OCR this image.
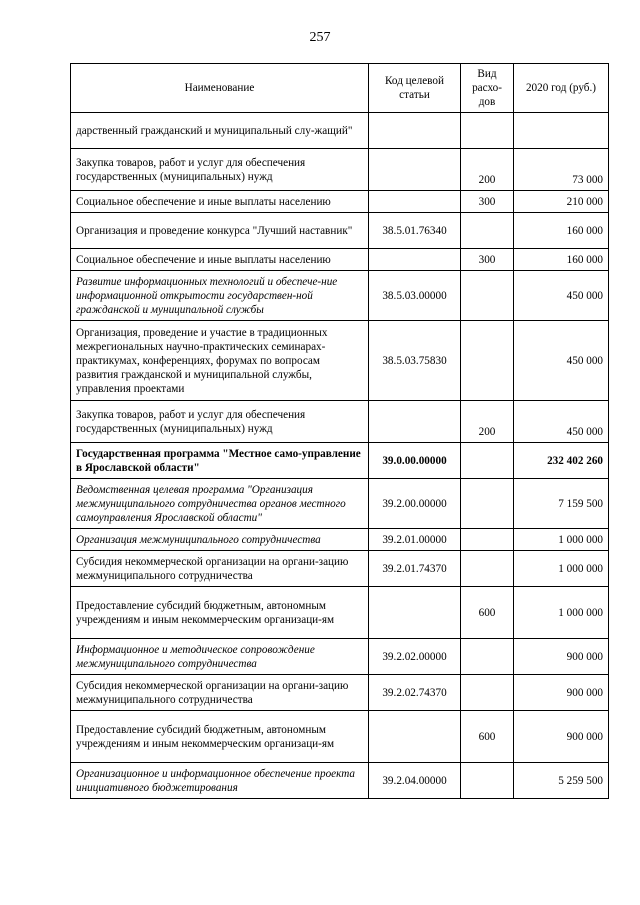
257
Наименование	Код целевой статьи	Вид расхо-дов	2020 год (руб.)
дарственный гражданский и муниципальный слу-жащий"			
Закупка товаров, работ и услуг для обеспечения государственных (муниципальных) нужд		200	73 000
Социальное обеспечение и иные выплаты населению		300	210 000
Организация и проведение конкурса "Лучший наставник"	38.5.01.76340		160 000
Социальное обеспечение и иные выплаты населению		300	160 000
Развитие информационных технологий и обеспече-ние информационной открытости государствен-ной гражданской и муниципальной службы	38.5.03.00000		450 000
Организация, проведение и участие в традиционных межрегиональных научно-практических семинарах-практикумах, конференциях, форумах по вопросам развития гражданской и муниципальной службы, управления проектами	38.5.03.75830		450 000
Закупка товаров, работ и услуг для обеспечения государственных (муниципальных) нужд		200	450 000
Государственная программа "Местное само-управление в Ярославской области"	39.0.00.00000		232 402 260
Ведомственная целевая программа "Организация межмуниципального сотрудничества органов местного самоуправления Ярославской области"	39.2.00.00000		7 159 500
Организация межмуниципального сотрудничества	39.2.01.00000		1 000 000
Субсидия некоммерческой организации на органи-зацию межмуниципального сотрудничества	39.2.01.74370		1 000 000
Предоставление субсидий бюджетным, автономным учреждениям и иным некоммерческим организаци-ям		600	1 000 000
Информационное и методическое сопровождение межмуниципального сотрудничества	39.2.02.00000		900 000
Субсидия некоммерческой организации на органи-зацию межмуниципального сотрудничества	39.2.02.74370		900 000
Предоставление субсидий бюджетным, автономным учреждениям и иным некоммерческим организаци-ям		600	900 000
Организационное и информационное обеспечение проекта инициативного бюджетирования	39.2.04.00000		5 259 500
